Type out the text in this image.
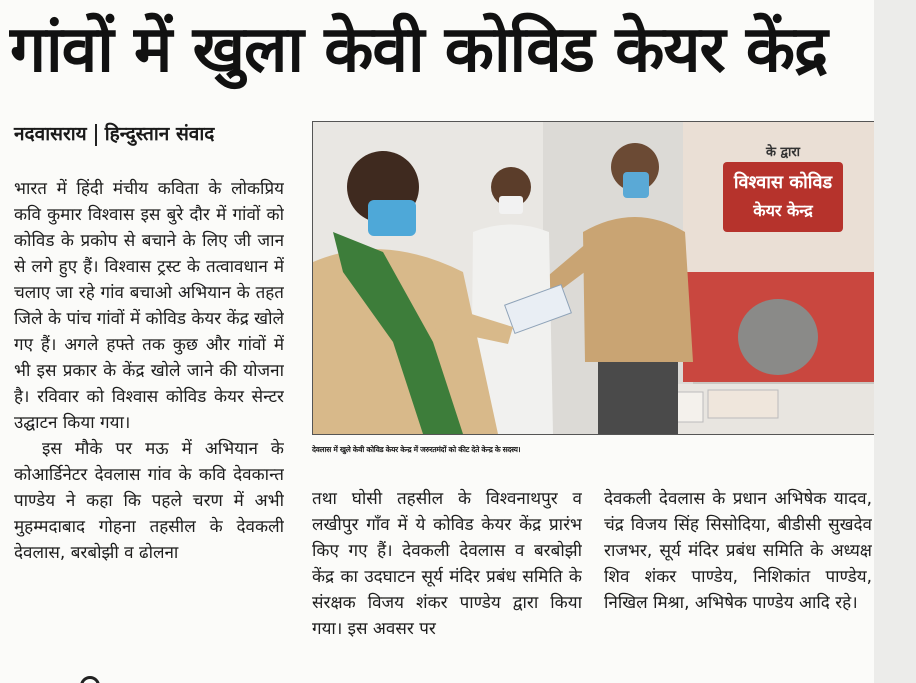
गांवों में खुला केवी कोविड केयर केंद्र
नदवासराय हिन्दुस्तान संवाद

भारत में हिंदी मंचीय कविता के लोकप्रिय कवि कुमार विश्वास इस बुरे दौर में गांवों को कोविड के प्रकोप से बचाने के लिए जी जान से लगे हुए हैं। विश्वास ट्रस्ट के तत्वावधान में चलाए जा रहे गांव बचाओ अभियान के तहत जिले के पांच गांवों में कोविड केयर केंद्र खोले गए हैं। अगले हफ्ते तक कुछ और गांवों में भी इस प्रकार के केंद्र खोले जाने की योजना है। रविवार को विश्वास कोविड केयर सेन्टर उद्घाटन किया गया।

इस मौके पर मऊ में अभियान के कोआर्डिनेटर देवलास गांव के कवि देवकान्त पाण्डेय ने कहा कि पहले चरण में अभी मुहम्मदाबाद गोहना तहसील के देवकली देवलास, बरबोझी व ढोलना

के द्वारा
विश्वास कोविड
केयर केन्द्र
देवलास में खुले केवी कोविड केयर केन्द्र में जरुरतमंदों को कीट देते केन्द्र के सदस्य।

तथा घोसी तहसील के विश्वनाथपुर व लखीपुर गाँव में ये कोविड केयर केंद्र प्रारंभ किए गए हैं। देवकली देवलास व बरबोझी केंद्र का उदघाटन सूर्य मंदिर प्रबंध समिति के संरक्षक विजय शंकर पाण्डेय द्वारा किया गया। इस अवसर पर

देवकली देवलास के प्रधान अभिषेक यादव, चंद्र विजय सिंह सिसोदिया, बीडीसी सुखदेव राजभर, सूर्य मंदिर प्रबंध समिति के अध्यक्ष शिव शंकर पाण्डेय, निशिकांत पाण्डेय, निखिल मिश्रा, अभिषेक पाण्डेय आदि रहे।
